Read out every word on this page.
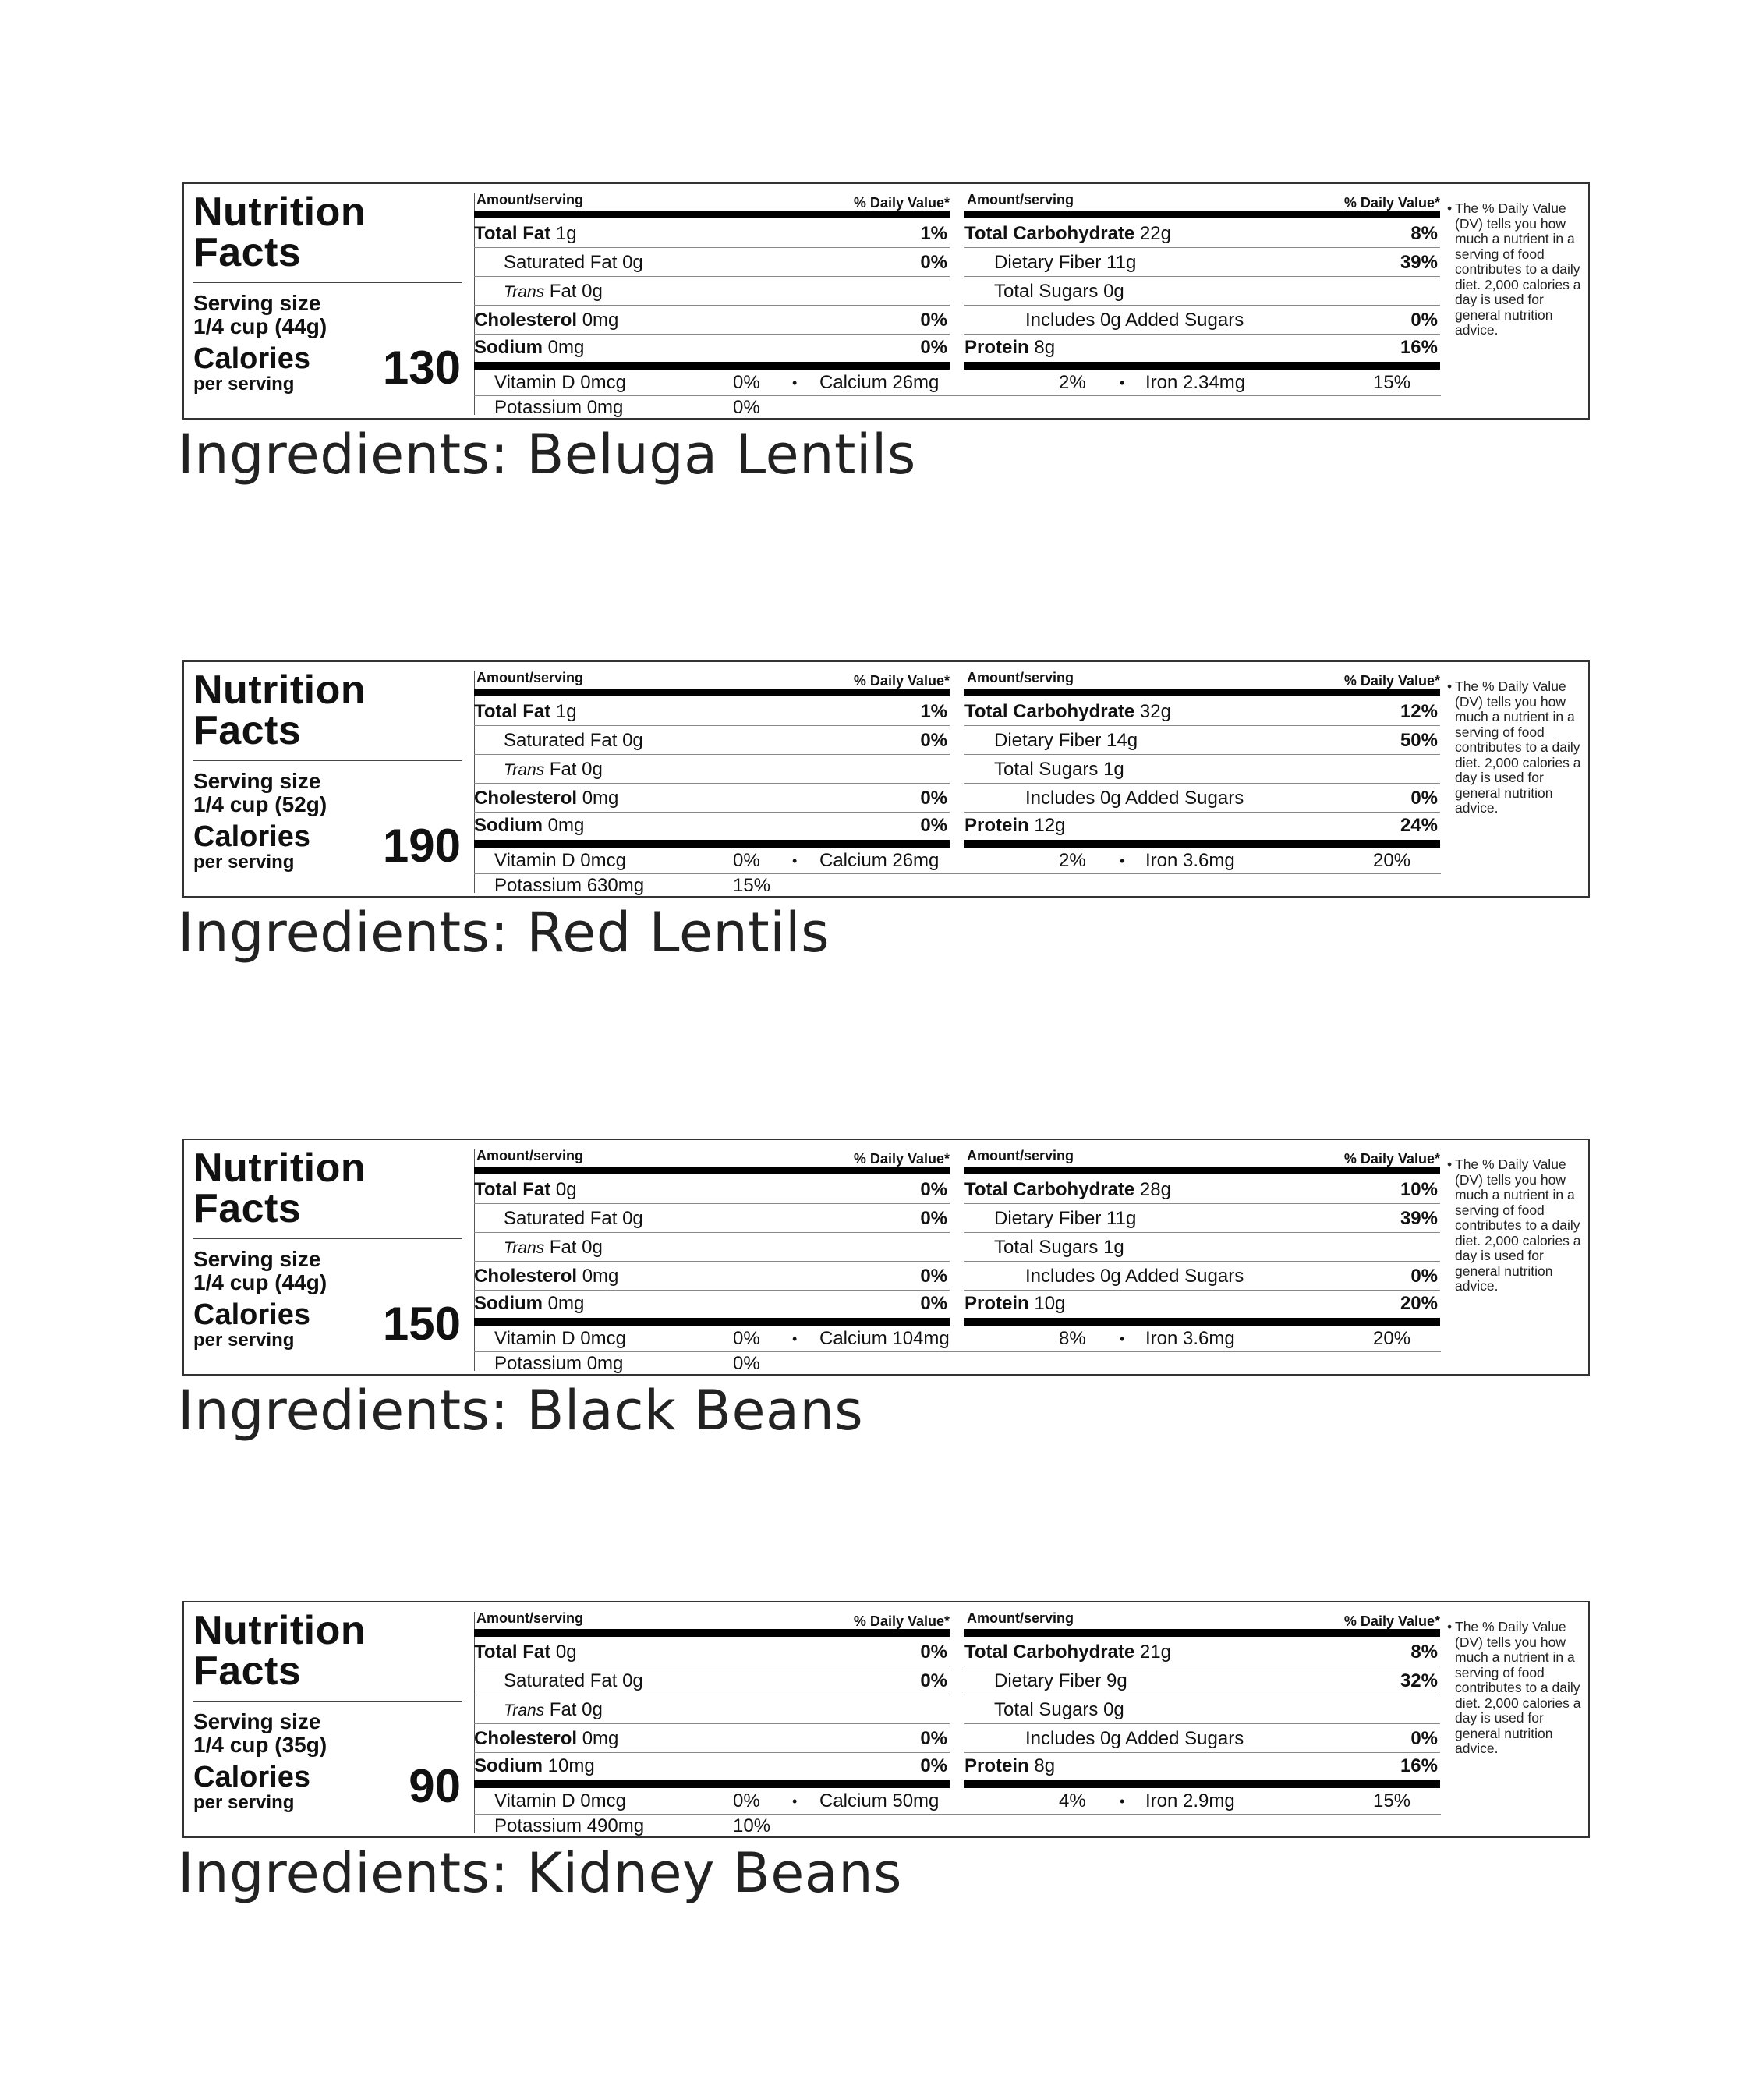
Nutrition
Facts
Serving size
1/4 cup (44g)
Calories
per serving 130
Amount/serving	% Daily Value*
Total Fat 1g	1%
Saturated Fat 0g	0%
Trans Fat 0g
Cholesterol 0mg	0%
Sodium 0mg	0%
Amount/serving	% Daily Value*
Total Carbohydrate 22g	8%
Dietary Fiber 11g	39%
Total Sugars 0g
Includes 0g Added Sugars	0%
Protein 8g	16%
Vitamin D 0mcg	0% • Calcium 26mg	2% • Iron 2.34mg	15%
Potassium 0mg	0%
• The % Daily Value (DV) tells you how much a nutrient in a serving of food contributes to a daily diet. 2,000 calories a day is used for general nutrition advice.
Ingredients: Beluga Lentils
Nutrition
Facts
Serving size
1/4 cup (52g)
Calories
per serving 190
Amount/serving	% Daily Value*
Total Fat 1g	1%
Saturated Fat 0g	0%
Trans Fat 0g
Cholesterol 0mg	0%
Sodium 0mg	0%
Amount/serving	% Daily Value*
Total Carbohydrate 32g	12%
Dietary Fiber 14g	50%
Total Sugars 1g
Includes 0g Added Sugars	0%
Protein 12g	24%
Vitamin D 0mcg	0% • Calcium 26mg	2% • Iron 3.6mg	20%
Potassium 630mg	15%
• The % Daily Value (DV) tells you how much a nutrient in a serving of food contributes to a daily diet. 2,000 calories a day is used for general nutrition advice.
Ingredients: Red Lentils
Nutrition
Facts
Serving size
1/4 cup (44g)
Calories
per serving 150
Amount/serving	% Daily Value*
Total Fat 0g	0%
Saturated Fat 0g	0%
Trans Fat 0g
Cholesterol 0mg	0%
Sodium 0mg	0%
Amount/serving	% Daily Value*
Total Carbohydrate 28g	10%
Dietary Fiber 11g	39%
Total Sugars 1g
Includes 0g Added Sugars	0%
Protein 10g	20%
Vitamin D 0mcg	0% • Calcium 104mg	8% • Iron 3.6mg	20%
Potassium 0mg	0%
• The % Daily Value (DV) tells you how much a nutrient in a serving of food contributes to a daily diet. 2,000 calories a day is used for general nutrition advice.
Ingredients: Black Beans
Nutrition
Facts
Serving size
1/4 cup (35g)
Calories
per serving 90
Amount/serving	% Daily Value*
Total Fat 0g	0%
Saturated Fat 0g	0%
Trans Fat 0g
Cholesterol 0mg	0%
Sodium 10mg	0%
Amount/serving	% Daily Value*
Total Carbohydrate 21g	8%
Dietary Fiber 9g	32%
Total Sugars 0g
Includes 0g Added Sugars	0%
Protein 8g	16%
Vitamin D 0mcg	0% • Calcium 50mg	4% • Iron 2.9mg	15%
Potassium 490mg	10%
• The % Daily Value (DV) tells you how much a nutrient in a serving of food contributes to a daily diet. 2,000 calories a day is used for general nutrition advice.
Ingredients: Kidney Beans
